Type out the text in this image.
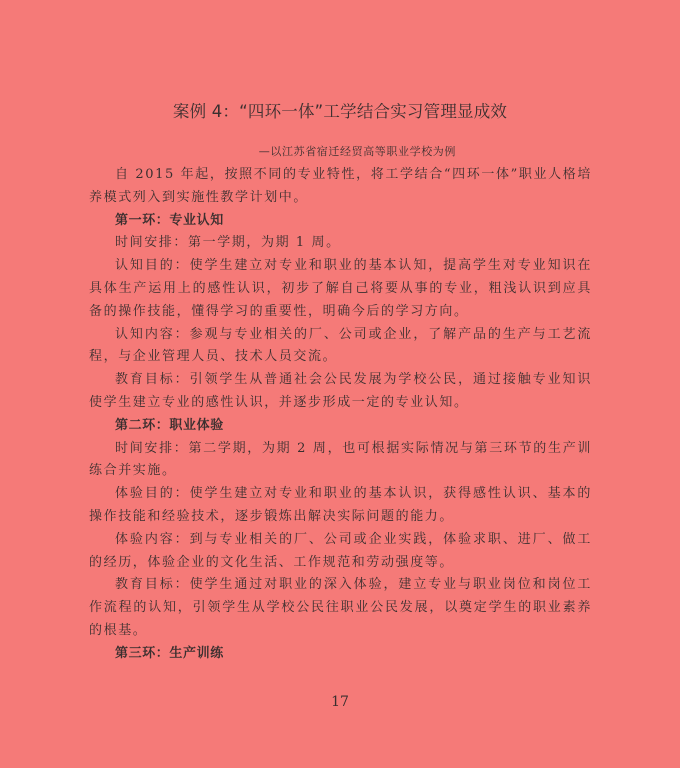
案例 4：“四环一体”工学结合实习管理显成效
—以江苏省宿迁经贸高等职业学校为例

自 2015 年起，按照不同的专业特性，将工学结合“四环一体”职业人格培养模式列入到实施性教学计划中。

第一环：专业认知

时间安排：第一学期，为期 1 周。

认知目的：使学生建立对专业和职业的基本认知，提高学生对专业知识在具体生产运用上的感性认识，初步了解自己将要从事的专业，粗浅认识到应具备的操作技能，懂得学习的重要性，明确今后的学习方向。

认知内容：参观与专业相关的厂、公司或企业，了解产品的生产与工艺流程，与企业管理人员、技术人员交流。

教育目标：引领学生从普通社会公民发展为学校公民，通过接触专业知识使学生建立专业的感性认识，并逐步形成一定的专业认知。

第二环：职业体验

时间安排：第二学期，为期 2 周，也可根据实际情况与第三环节的生产训练合并实施。

体验目的：使学生建立对专业和职业的基本认识，获得感性认识、基本的操作技能和经验技术，逐步锻炼出解决实际问题的能力。

体验内容：到与专业相关的厂、公司或企业实践，体验求职、进厂、做工的经历，体验企业的文化生活、工作规范和劳动强度等。

教育目标：使学生通过对职业的深入体验，建立专业与职业岗位和岗位工作流程的认知，引领学生从学校公民往职业公民发展，以奠定学生的职业素养的根基。

第三环：生产训练

17
